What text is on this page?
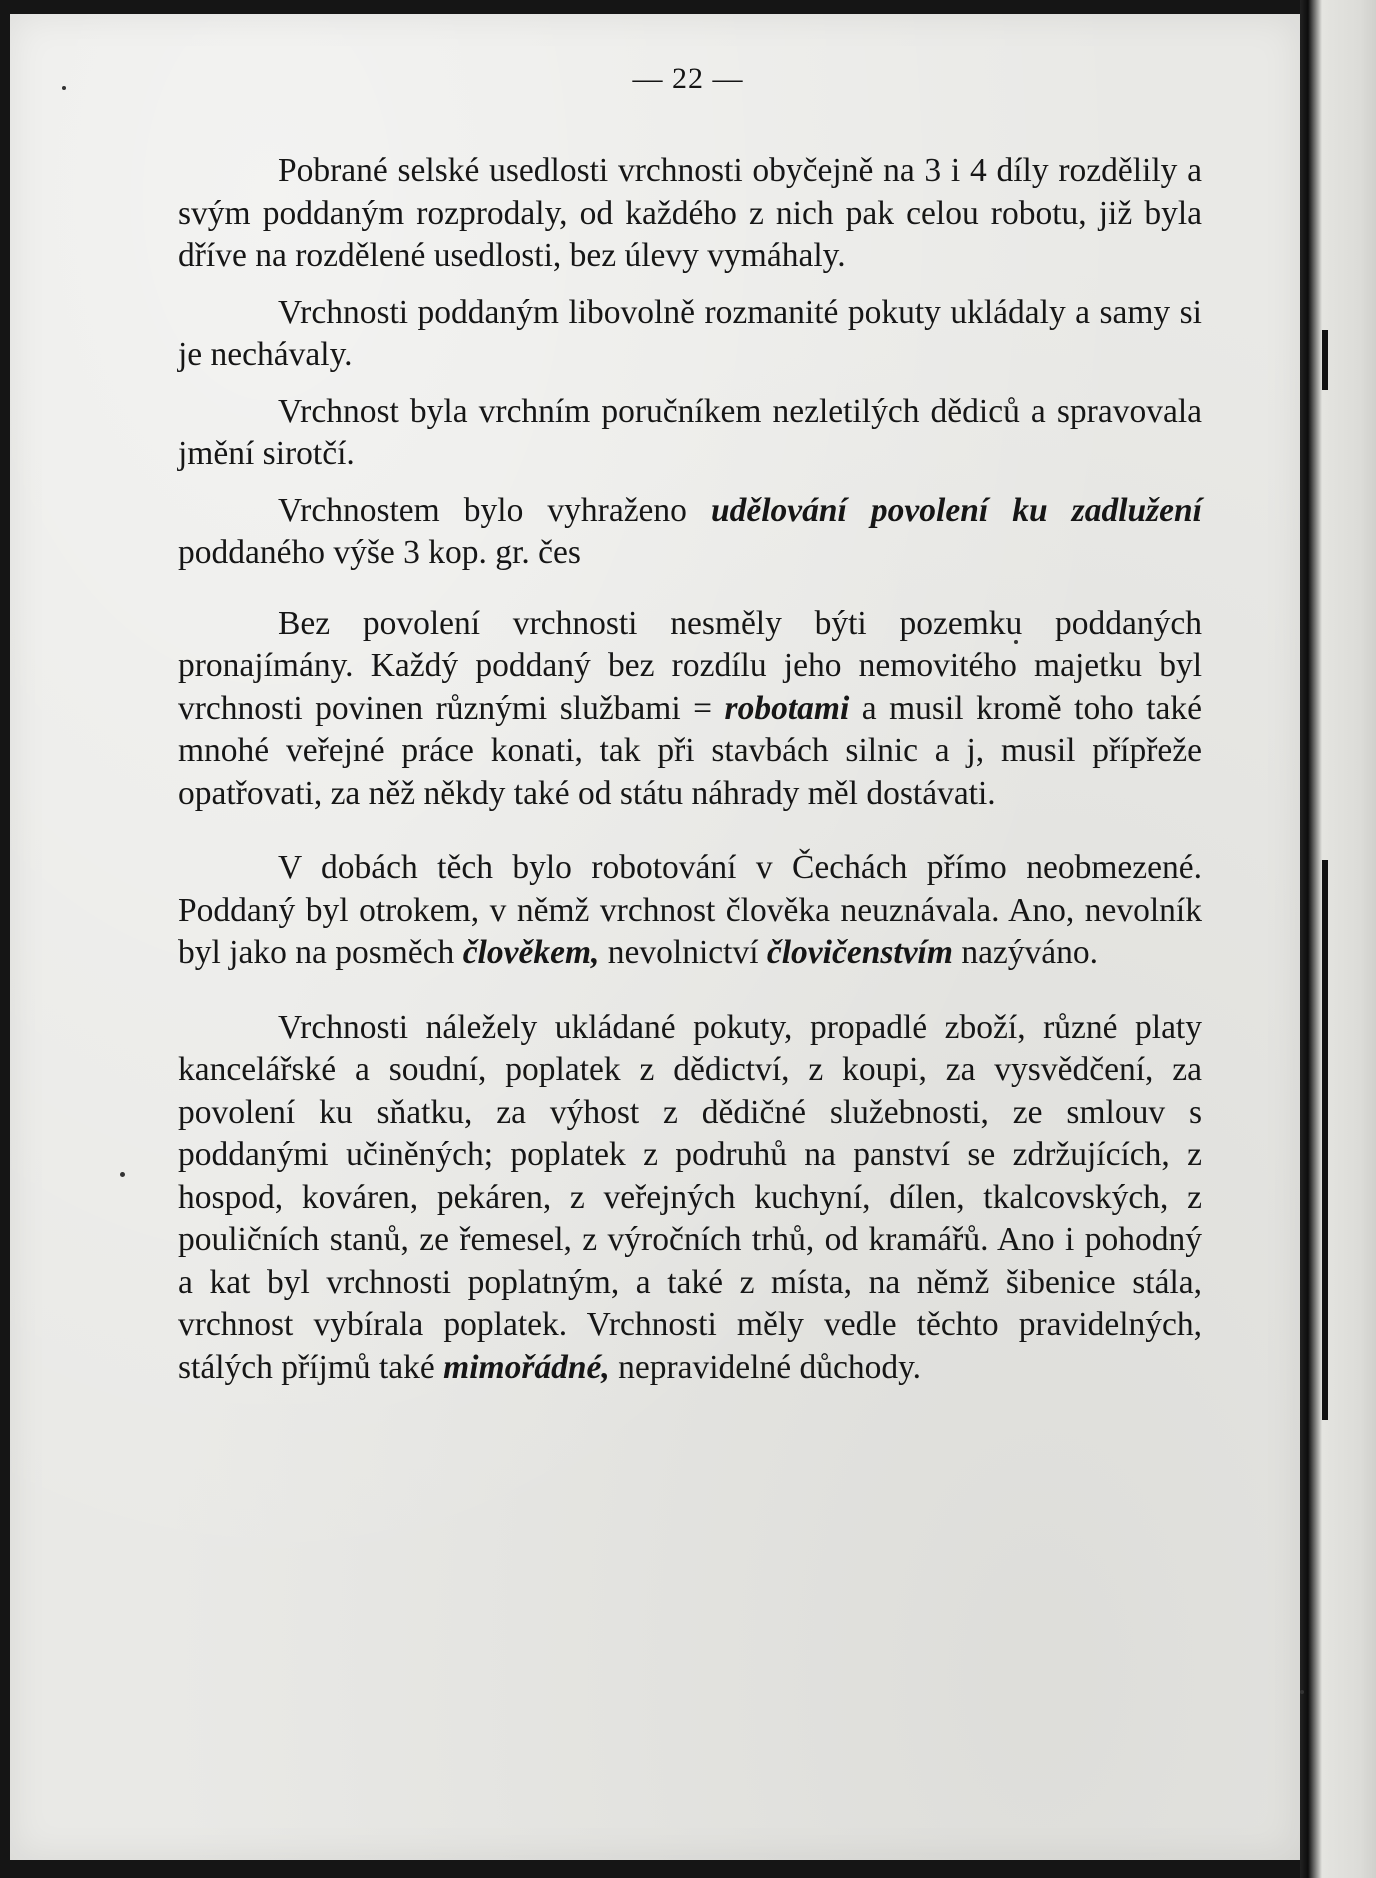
— 22 —

Pobrané selské usedlosti vrchnosti obyčejně na 3 i 4 díly rozdělily a svým poddaným rozprodaly, od každého z nich pak celou robotu, již byla dříve na rozdělené usedlosti, bez úlevy vymáhaly.

Vrchnosti poddaným libovolně rozmanité pokuty ukládaly a samy si je nechávaly.

Vrchnost byla vrchním poručníkem nezletilých dědiců a spravovala jmění sirotčí.

Vrchnostem bylo vyhraženo udělování povolení ku zadlužení poddaného výše 3 kop. gr. čes

Bez povolení vrchnosti nesměly býti pozemku poddaných pronajímány. Každý poddaný bez rozdílu jeho nemovitého majetku byl vrchnosti povinen různými službami = robotami a musil kromě toho také mnohé veřejné práce konati, tak při stavbách silnic a j, musil přípřeže opatřovati, za něž někdy také od státu náhrady měl dostávati.

V dobách těch bylo robotování v Čechách přímo neobmezené. Poddaný byl otrokem, v němž vrchnost člověka neuznávala. Ano, nevolník byl jako na posměch člověkem, nevolnictví človičenstvím nazýváno.

Vrchnosti náležely ukládané pokuty, propadlé zboží, různé platy kancelářské a soudní, poplatek z dědictví, z koupi, za vysvědčení, za povolení ku sňatku, za výhost z dědičné služebnosti, ze smlouv s poddanými učiněných; poplatek z podruhů na panství se zdržujících, z hospod, kováren, pekáren, z veřejných kuchyní, dílen, tkalcovských, z pouličních stanů, ze řemesel, z výročních trhů, od kramářů. Ano i pohodný a kat byl vrchnosti poplatným, a také z místa, na němž šibenice stála, vrchnost vybírala poplatek. Vrchnosti měly vedle těchto pravidelných, stálých příjmů také mimořádné, nepravidelné důchody.
